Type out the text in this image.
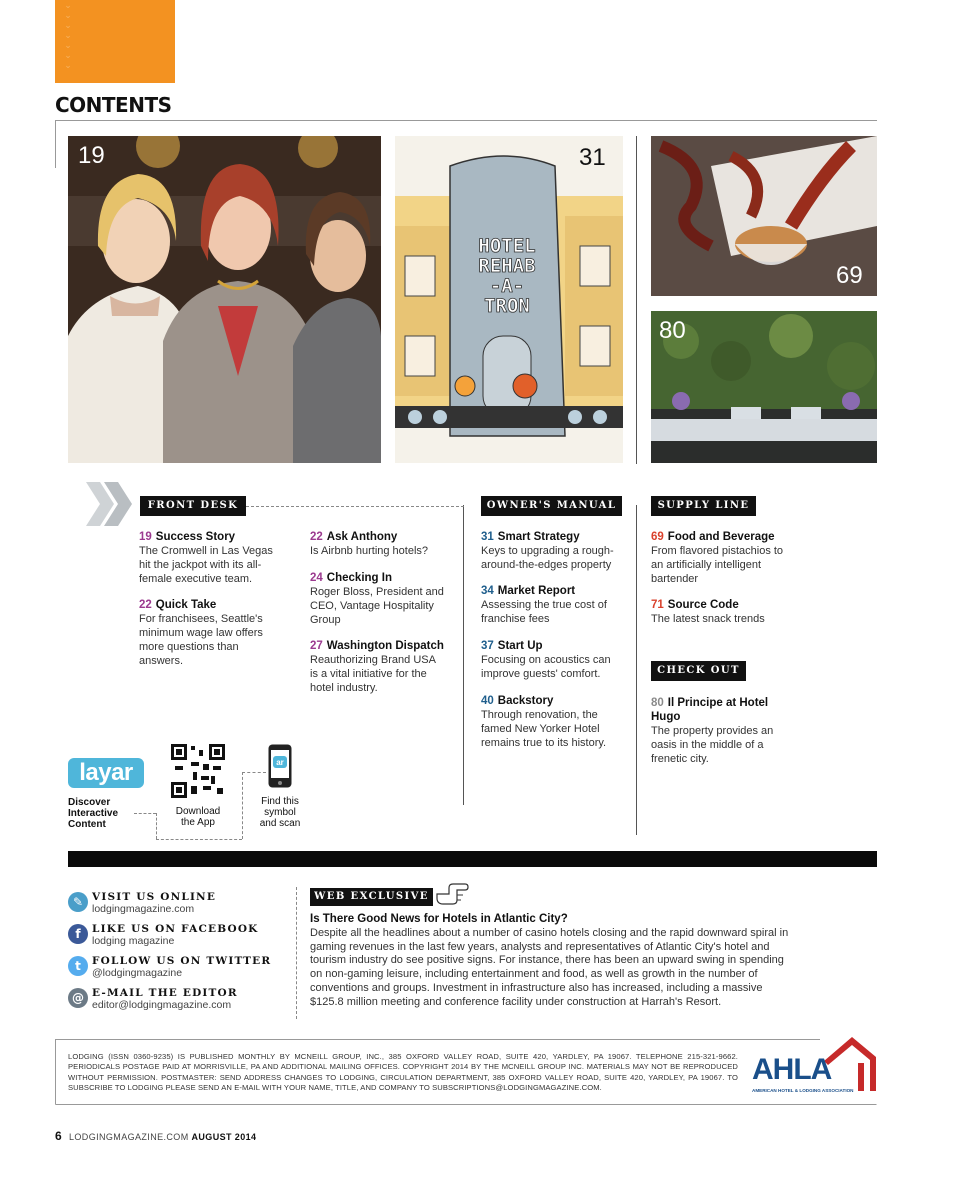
⌄
⌄
⌄
⌄
⌄
⌄
⌄
CONTENTS
19
HOTEL
REHAB
-A-
TRON
31
69
80
FRONT DESK	OWNER'S MANUAL	SUPPLY LINE
CHECK OUT
19 Success Story
The Cromwell in Las Vegas hit the jackpot with its all-female executive team.
22 Quick Take
For franchisees, Seattle's minimum wage law offers more questions than answers.
22 Ask Anthony
Is Airbnb hurting hotels?
24 Checking In
Roger Bloss, President and CEO, Vantage Hospitality Group
27 Washington Dispatch
Reauthorizing Brand USA is a vital initiative for the hotel industry.
31 Smart Strategy
Keys to upgrading a rough-around-the-edges property
34 Market Report
Assessing the true cost of franchise fees
37 Start Up
Focusing on acoustics can improve guests' comfort.
40 Backstory
Through renovation, the famed New Yorker Hotel remains true to its history.
69 Food and Beverage
From flavored pistachios to an artificially intelligent bartender
71 Source Code
The latest snack trends
80 Il Principe at Hotel Hugo
The property provides an oasis in the middle of a frenetic city.
layar
Discover Interactive Content
Download the App
ar
Find this symbol and scan
✎ VISIT US ONLINE
lodgingmagazine.com
f	LIKE US ON FACEBOOK
lodging magazine
t	FOLLOW US ON TWITTER
@lodgingmagazine
@ E-MAIL THE EDITOR
editor@lodgingmagazine.com
WEB EXCLUSIVE
Is There Good News for Hotels in Atlantic City?
Despite all the headlines about a number of casino hotels closing and the rapid downward spiral in gaming revenues in the last few years, analysts and representatives of Atlantic City's hotel and tourism industry do see positive signs. For instance, there has been an upward swing in spending on non-gaming leisure, including entertainment and food, as well as growth in the number of conventions and groups. Investment in infrastructure also has increased, including a massive $125.8 million meeting and conference facility under construction at Harrah's Resort.
LODGING (ISSN 0360-9235) IS PUBLISHED MONTHLY BY MCNEILL GROUP, INC., 385 OXFORD VALLEY ROAD, SUITE 420, YARDLEY, PA 19067. TELEPHONE 215-321-9662. PERIODICALS POSTAGE PAID AT MORRISVILLE, PA AND ADDITIONAL MAILING OFFICES. COPYRIGHT 2014 BY THE MCNEILL GROUP INC. MATERIALS MAY NOT BE REPRODUCED WITHOUT PERMISSION. POSTMASTER: SEND ADDRESS CHANGES TO LODGING, CIRCULATION DEPARTMENT, 385 OXFORD VALLEY ROAD, SUITE 420, YARDLEY, PA 19067. TO SUBSCRIBE TO LODGING PLEASE SEND AN E-MAIL WITH YOUR NAME, TITLE, AND COMPANY TO SUBSCRIPTIONS@LODGINGMAGAZINE.COM.
AHLA
AMERICAN HOTEL & LODGING ASSOCIATION
6 LODGINGMAGAZINE.COM AUGUST 2014
